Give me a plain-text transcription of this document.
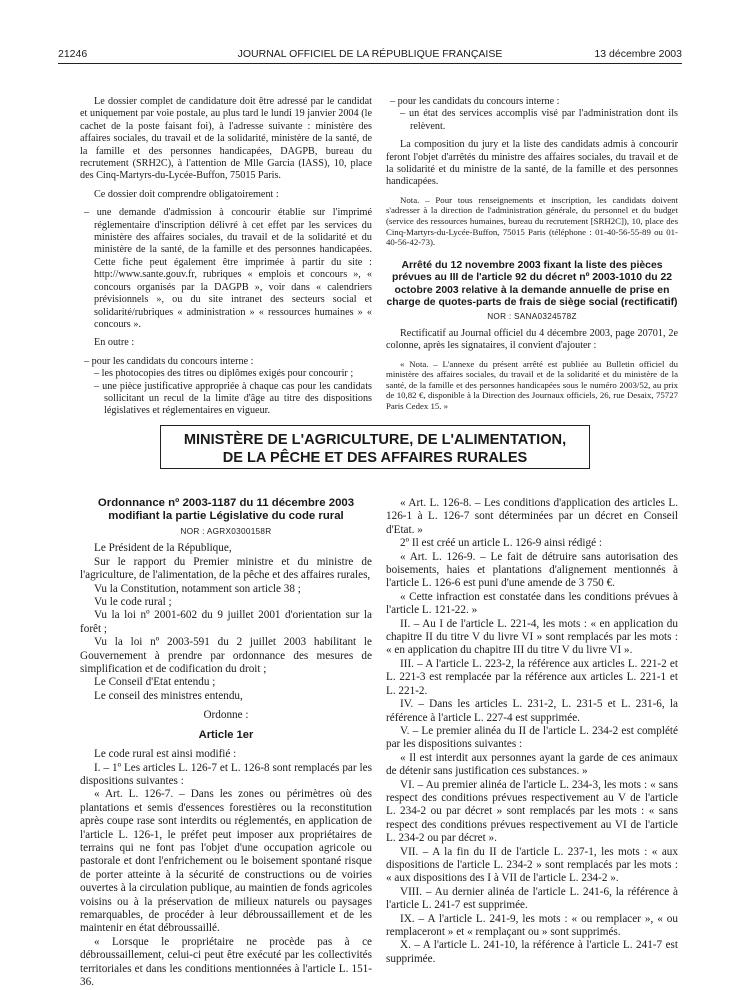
21246	JOURNAL OFFICIEL DE LA RÉPUBLIQUE FRANÇAISE	13 décembre 2003

Le dossier complet de candidature doit être adressé par le candidat et uniquement par voie postale, au plus tard le lundi 19 janvier 2004 (le cachet de la poste faisant foi), à l'adresse suivante : ministère des affaires sociales, du travail et de la solidarité, ministère de la santé, de la famille et des personnes handicapées, DAGPB, bureau du recrutement (SRH2C), à l'attention de Mlle Garcia (IASS), 10, place des Cinq-Martyrs-du-Lycée-Buffon, 75015 Paris.

Ce dossier doit comprendre obligatoirement :

– une demande d'admission à concourir établie sur l'imprimé réglementaire d'inscription délivré à cet effet par les services du ministère des affaires sociales, du travail et de la solidarité et du ministère de la santé, de la famille et des personnes handicapées. Cette fiche peut également être imprimée à partir du site : http://www.sante.gouv.fr, rubriques « emplois et concours », « concours organisés par la DAGPB », voir dans « calendriers prévisionnels », ou du site intranet des secteurs social et solidarité/rubriques « administration » « ressources humaines » « concours ».

En outre :

– pour les candidats du concours interne :

– les photocopies des titres ou diplômes exigés pour concourir ;

– une pièce justificative appropriée à chaque cas pour les candidats sollicitant un recul de la limite d'âge au titre des dispositions législatives et réglementaires en vigueur.

– pour les candidats du concours interne :

– un état des services accomplis visé par l'administration dont ils relèvent.

La composition du jury et la liste des candidats admis à concourir feront l'objet d'arrêtés du ministre des affaires sociales, du travail et de la solidarité et du ministre de la santé, de la famille et des personnes handicapées.

Nota. – Pour tous renseignements et inscription, les candidats doivent s'adresser à la direction de l'administration générale, du personnel et du budget (service des ressources humaines, bureau du recrutement [SRH2C]), 10, place des Cinq-Martyrs-du-Lycée-Buffon, 75015 Paris (téléphone : 01-40-56-55-89 ou 01-40-56-42-73).

Arrêté du 12 novembre 2003 fixant la liste des pièces prévues au III de l'article 92 du décret nº 2003-1010 du 22 octobre 2003 relative à la demande annuelle de prise en charge de quotes-parts de frais de siège social (rectificatif)

NOR : SANA0324578Z

Rectificatif au Journal officiel du 4 décembre 2003, page 20701, 2e colonne, après les signataires, il convient d'ajouter :

« Nota. – L'annexe du présent arrêté est publiée au Bulletin officiel du ministère des affaires sociales, du travail et de la solidarité et du ministère de la santé, de la famille et des personnes handicapées sous le numéro 2003/52, au prix de 10,82 €, disponible à la Direction des Journaux officiels, 26, rue Desaix, 75727 Paris Cedex 15. »

MINISTÈRE DE L'AGRICULTURE, DE L'ALIMENTATION,
DE LA PÊCHE ET DES AFFAIRES RURALES

Ordonnance nº 2003-1187 du 11 décembre 2003 modifiant la partie Législative du code rural

NOR : AGRX0300158R

Le Président de la République,

Sur le rapport du Premier ministre et du ministre de l'agriculture, de l'alimentation, de la pêche et des affaires rurales,

Vu la Constitution, notamment son article 38 ;

Vu le code rural ;

Vu la loi nº 2001-602 du 9 juillet 2001 d'orientation sur la forêt ;

Vu la loi nº 2003-591 du 2 juillet 2003 habilitant le Gouvernement à prendre par ordonnance des mesures de simplification et de codification du droit ;

Le Conseil d'Etat entendu ;

Le conseil des ministres entendu,

Ordonne :

Article 1er

Le code rural est ainsi modifié :

I. – 1º Les articles L. 126-7 et L. 126-8 sont remplacés par les dispositions suivantes :

« Art. L. 126-7. – Dans les zones ou périmètres où des plantations et semis d'essences forestières ou la reconstitution après coupe rase sont interdits ou réglementés, en application de l'article L. 126-1, le préfet peut imposer aux propriétaires de terrains qui ne font pas l'objet d'une occupation agricole ou pastorale et dont l'enfrichement ou le boisement spontané risque de porter atteinte à la sécurité de constructions ou de voiries ouvertes à la circulation publique, au maintien de fonds agricoles voisins ou à la préservation de milieux naturels ou paysages remarquables, de procéder à leur débroussaillement et de les maintenir en état débroussaillé.

« Lorsque le propriétaire ne procède pas à ce débroussaillement, celui-ci peut être exécuté par les collectivités territoriales et dans les conditions mentionnées à l'article L. 151-36.

« Art. L. 126-8. – Les conditions d'application des articles L. 126-1 à L. 126-7 sont déterminées par un décret en Conseil d'Etat. »

2º Il est créé un article L. 126-9 ainsi rédigé :

« Art. L. 126-9. – Le fait de détruire sans autorisation des boisements, haies et plantations d'alignement mentionnés à l'article L. 126-6 est puni d'une amende de 3 750 €.

« Cette infraction est constatée dans les conditions prévues à l'article L. 121-22. »

II. – Au I de l'article L. 221-4, les mots : « en application du chapitre II du titre V du livre VI » sont remplacés par les mots : « en application du chapitre III du titre V du livre VI ».

III. – A l'article L. 223-2, la référence aux articles L. 221-2 et L. 221-3 est remplacée par la référence aux articles L. 221-1 et L. 221-2.

IV. – Dans les articles L. 231-2, L. 231-5 et L. 231-6, la référence à l'article L. 227-4 est supprimée.

V. – Le premier alinéa du II de l'article L. 234-2 est complété par les dispositions suivantes :

« Il est interdit aux personnes ayant la garde de ces animaux de détenir sans justification ces substances. »

VI. – Au premier alinéa de l'article L. 234-3, les mots : « sans respect des conditions prévues respectivement au V de l'article L. 234-2 ou par décret » sont remplacés par les mots : « sans respect des conditions prévues respectivement au VI de l'article L. 234-2 ou par décret ».

VII. – A la fin du II de l'article L. 237-1, les mots : « aux dispositions de l'article L. 234-2 » sont remplacés par les mots : « aux dispositions des I à VII de l'article L. 234-2 ».

VIII. – Au dernier alinéa de l'article L. 241-6, la référence à l'article L. 241-7 est supprimée.

IX. – A l'article L. 241-9, les mots : « ou remplacer », « ou remplaceront » et « remplaçant ou » sont supprimés.

X. – A l'article L. 241-10, la référence à l'article L. 241-7 est supprimée.
